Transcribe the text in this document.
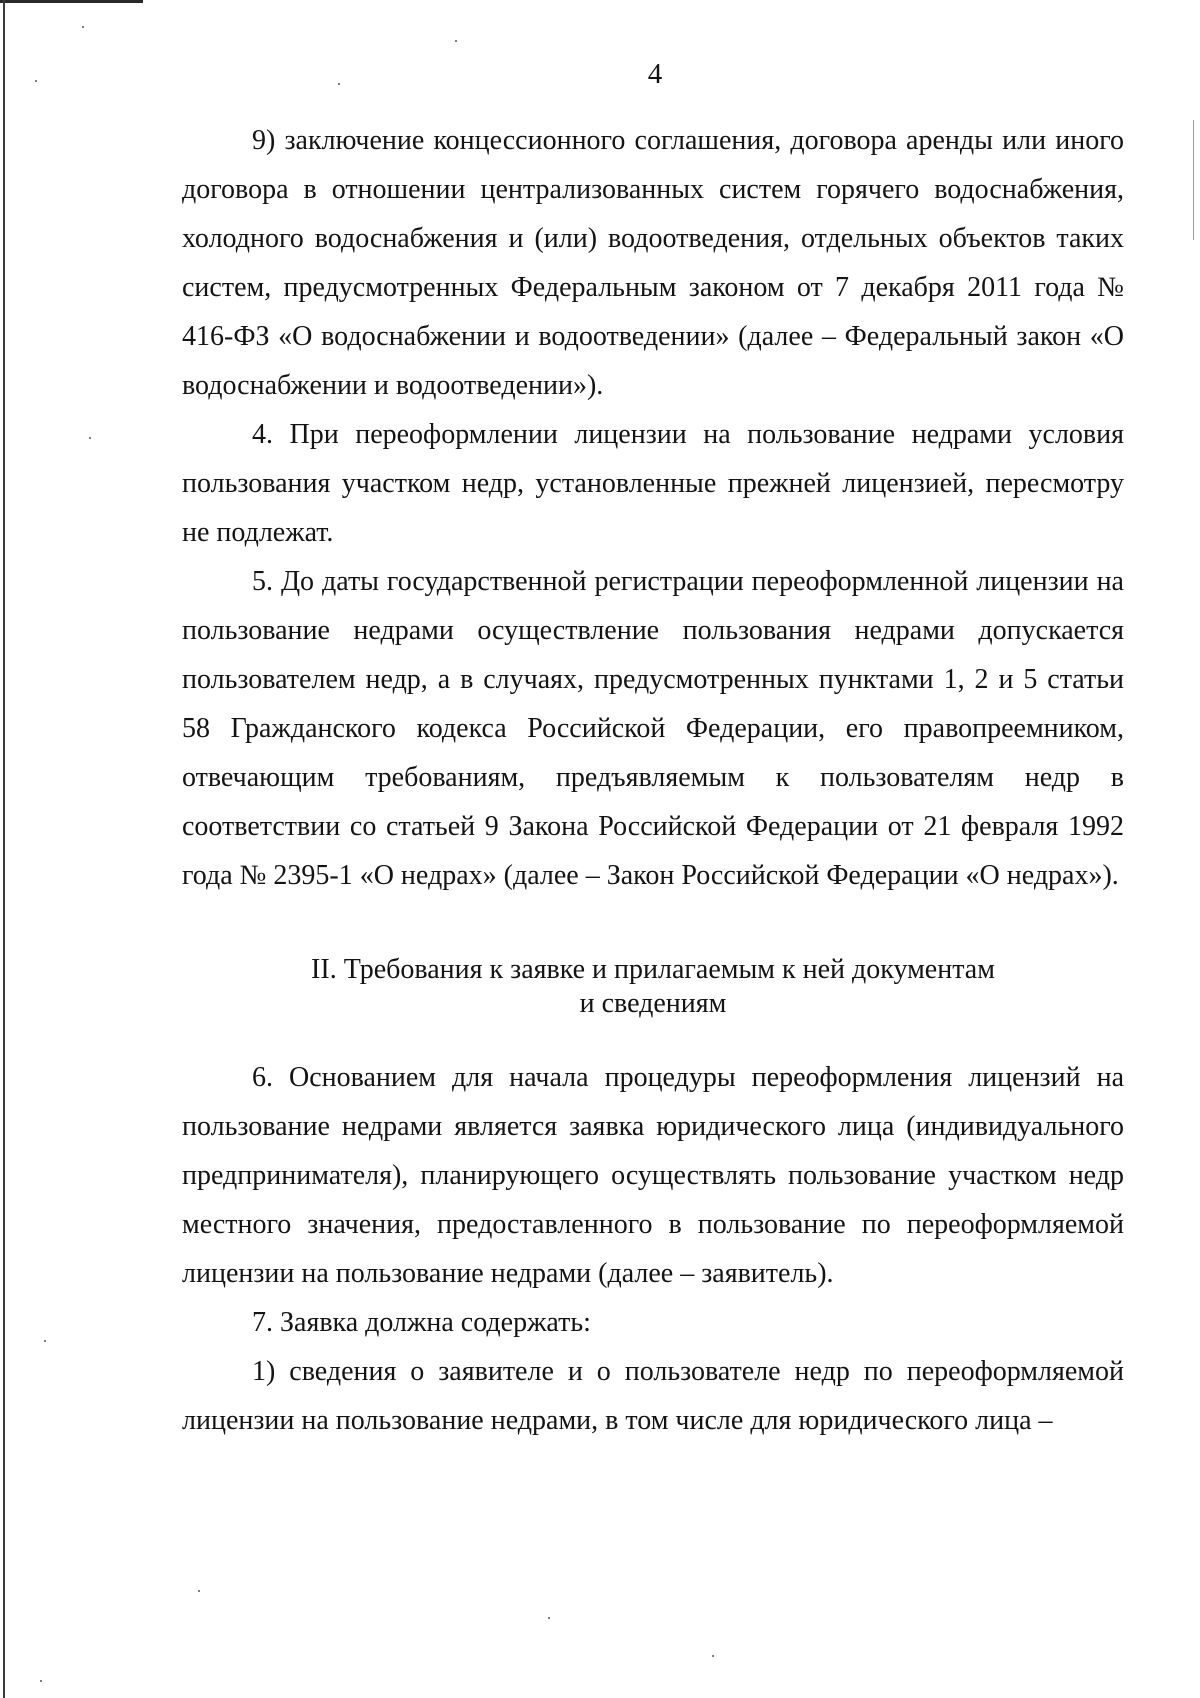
4

9) заключение концессионного соглашения, договора аренды или иного договора в отношении централизованных систем горячего водоснабжения, холодного водоснабжения и (или) водоотведения, отдельных объектов таких систем, предусмотренных Федеральным законом от 7 декабря 2011 года № 416-ФЗ «О водоснабжении и водоотведении» (далее – Федеральный закон «О водоснабжении и водоотведении»).

4. При переоформлении лицензии на пользование недрами условия пользования участком недр, установленные прежней лицензией, пересмотру не подлежат.

5. До даты государственной регистрации переоформленной лицензии на пользование недрами осуществление пользования недрами допускается пользователем недр, а в случаях, предусмотренных пунктами 1, 2 и 5 статьи 58 Гражданского кодекса Российской Федерации, его правопреемником, отвечающим требованиям, предъявляемым к пользователям недр в соответствии со статьей 9 Закона Российской Федерации от 21 февраля 1992 года № 2395-1 «О недрах» (далее – Закон Российской Федерации «О недрах»).

II. Требования к заявке и прилагаемым к ней документам
и сведениям

6. Основанием для начала процедуры переоформления лицензий на пользование недрами является заявка юридического лица (индивидуального предпринимателя), планирующего осуществлять пользование участком недр местного значения, предоставленного в пользование по переоформляемой лицензии на пользование недрами (далее – заявитель).

7. Заявка должна содержать:

1) сведения о заявителе и о пользователе недр по переоформляемой лицензии на пользование недрами, в том числе для юридического лица –
